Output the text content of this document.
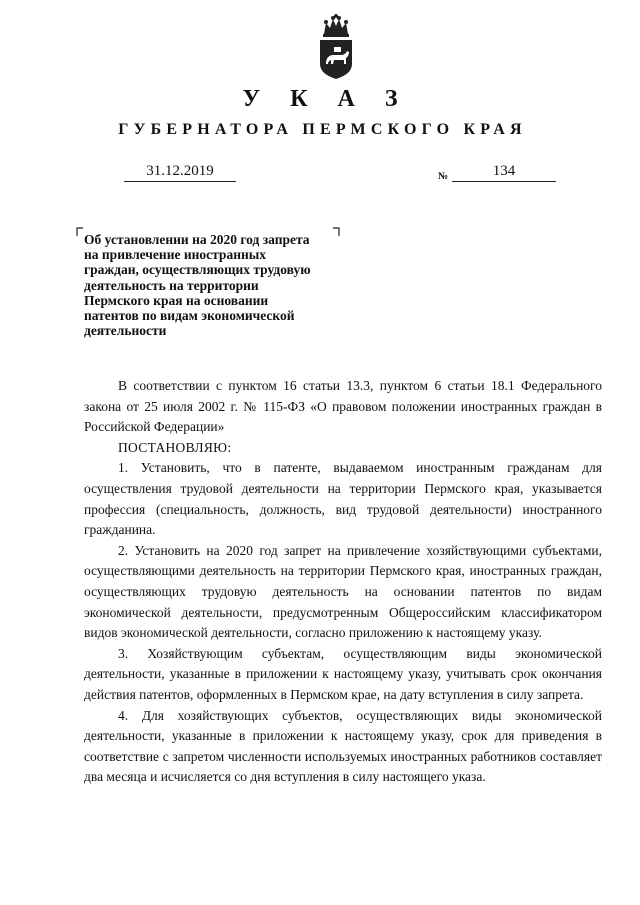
У К А З
ГУБЕРНАТОРА ПЕРМСКОГО КРАЯ
31.12.2019	№	134
Об установлении на 2020 год запрета
на привлечение иностранных
граждан, осуществляющих трудовую
деятельность на территории
Пермского края на основании
патентов по видам экономической
деятельности

В соответствии с пунктом 16 статьи 13.3, пунктом 6 статьи 18.1 Федерального закона от 25 июля 2002 г. № 115-ФЗ «О правовом положении иностранных граждан в Российской Федерации»

ПОСТАНОВЛЯЮ:

1. Установить, что в патенте, выдаваемом иностранным гражданам для осуществления трудовой деятельности на территории Пермского края, указывается профессия (специальность, должность, вид трудовой деятельности) иностранного гражданина.

2. Установить на 2020 год запрет на привлечение хозяйствующими субъектами, осуществляющими деятельность на территории Пермского края, иностранных граждан, осуществляющих трудовую деятельность на основании патентов по видам экономической деятельности, предусмотренным Общероссийским классификатором видов экономической деятельности, согласно приложению к настоящему указу.

3. Хозяйствующим субъектам, осуществляющим виды экономической деятельности, указанные в приложении к настоящему указу, учитывать срок окончания действия патентов, оформленных в Пермском крае, на дату вступления в силу запрета.

4. Для хозяйствующих субъектов, осуществляющих виды экономической деятельности, указанные в приложении к настоящему указу, срок для приведения в соответствие с запретом численности используемых иностранных работников составляет два месяца и исчисляется со дня вступления в силу настоящего указа.
